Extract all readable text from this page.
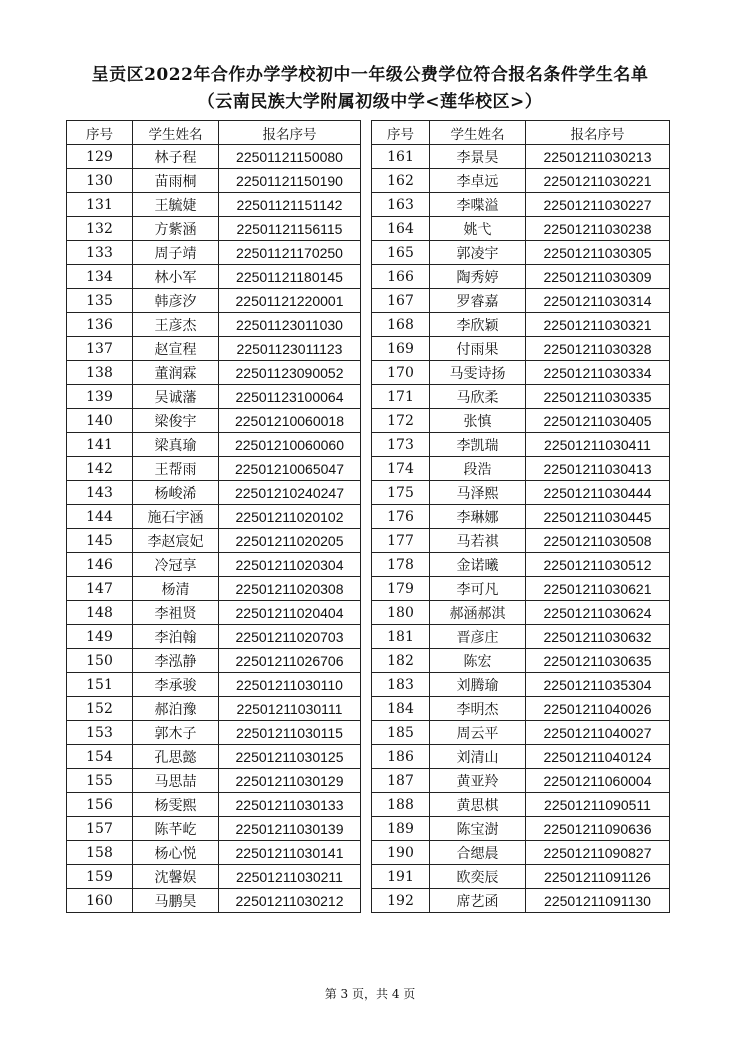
呈贡区2022年合作办学学校初中一年级公费学位符合报名条件学生名单
（云南民族大学附属初级中学<莲华校区>）
序号	学生姓名	报名序号
129	林子程	22501121150080
130	苗雨桐	22501121150190
131	王毓婕	22501121151142
132	方紫涵	22501121156115
133	周子靖	22501121170250
134	林小军	22501121180145
135	韩彦汐	22501121220001
136	王彦杰	22501123011030
137	赵宣程	22501123011123
138	董润霖	22501123090052
139	吴诚藩	22501123100064
140	梁俊宇	22501210060018
141	梁真瑜	22501210060060
142	王帮雨	22501210065047
143	杨峻浠	22501210240247
144	施石宇涵	22501211020102
145	李赵宸妃	22501211020205
146	冷冠享	22501211020304
147	杨清	22501211020308
148	李祖贤	22501211020404
149	李泊翰	22501211020703
150	李泓静	22501211026706
151	李承骏	22501211030110
152	郝泊豫	22501211030111
153	郭木子	22501211030115
154	孔思懿	22501211030125
155	马思喆	22501211030129
156	杨雯熙	22501211030133
157	陈芊屹	22501211030139
158	杨心悦	22501211030141
159	沈馨娱	22501211030211
160	马鹏昊	22501211030212
序号	学生姓名	报名序号
161	李景昊	22501211030213
162	李卓远	22501211030221
163	李喋溢	22501211030227
164	姚弋	22501211030238
165	郭凌宇	22501211030305
166	陶秀婷	22501211030309
167	罗睿嘉	22501211030314
168	李欣颖	22501211030321
169	付雨果	22501211030328
170	马雯诗扬	22501211030334
171	马欣柔	22501211030335
172	张慎	22501211030405
173	李凯瑞	22501211030411
174	段浩	22501211030413
175	马泽熙	22501211030444
176	李琳娜	22501211030445
177	马若祺	22501211030508
178	金诺曦	22501211030512
179	李可凡	22501211030621
180	郝涵郝淇	22501211030624
181	晋彦庄	22501211030632
182	陈宏	22501211030635
183	刘腾瑜	22501211035304
184	李明杰	22501211040026
185	周云平	22501211040027
186	刘清山	22501211040124
187	黄亚羚	22501211060004
188	黄思棋	22501211090511
189	陈宝澍	22501211090636
190	合缌晨	22501211090827
191	欧奕辰	22501211091126
192	席艺函	22501211091130
第 3 页，共 4 页
